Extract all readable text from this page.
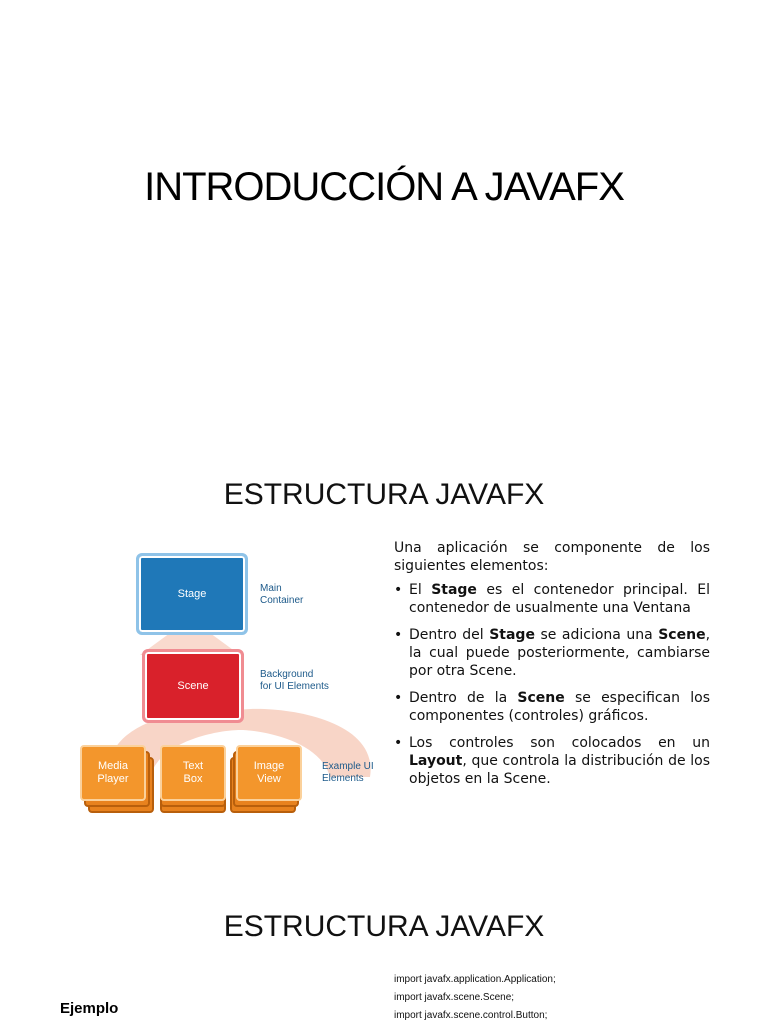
INTRODUCCIÓN A JAVAFX
ESTRUCTURA JAVAFX
Stage	Main
Container
Scene
Background
for UI Elements
Media
Player
Text
Box
Image
View
Example UI
Elements

Una aplicación se componente de los siguientes elementos:

• El Stage es el contenedor principal. El contenedor de usualmente una Ventana
• Dentro del Stage se adiciona una Scene, la cual puede posteriormente, cambiarse por otra Scene.
• Dentro de la Scene se especifican los componentes (controles) gráficos.
• Los controles son colocados en un Layout, que controla la distribución de los objetos en la Scene.
ESTRUCTURA JAVAFX
Ejemplo
import javafx.application.Application;
import javafx.scene.Scene;
import javafx.scene.control.Button;
